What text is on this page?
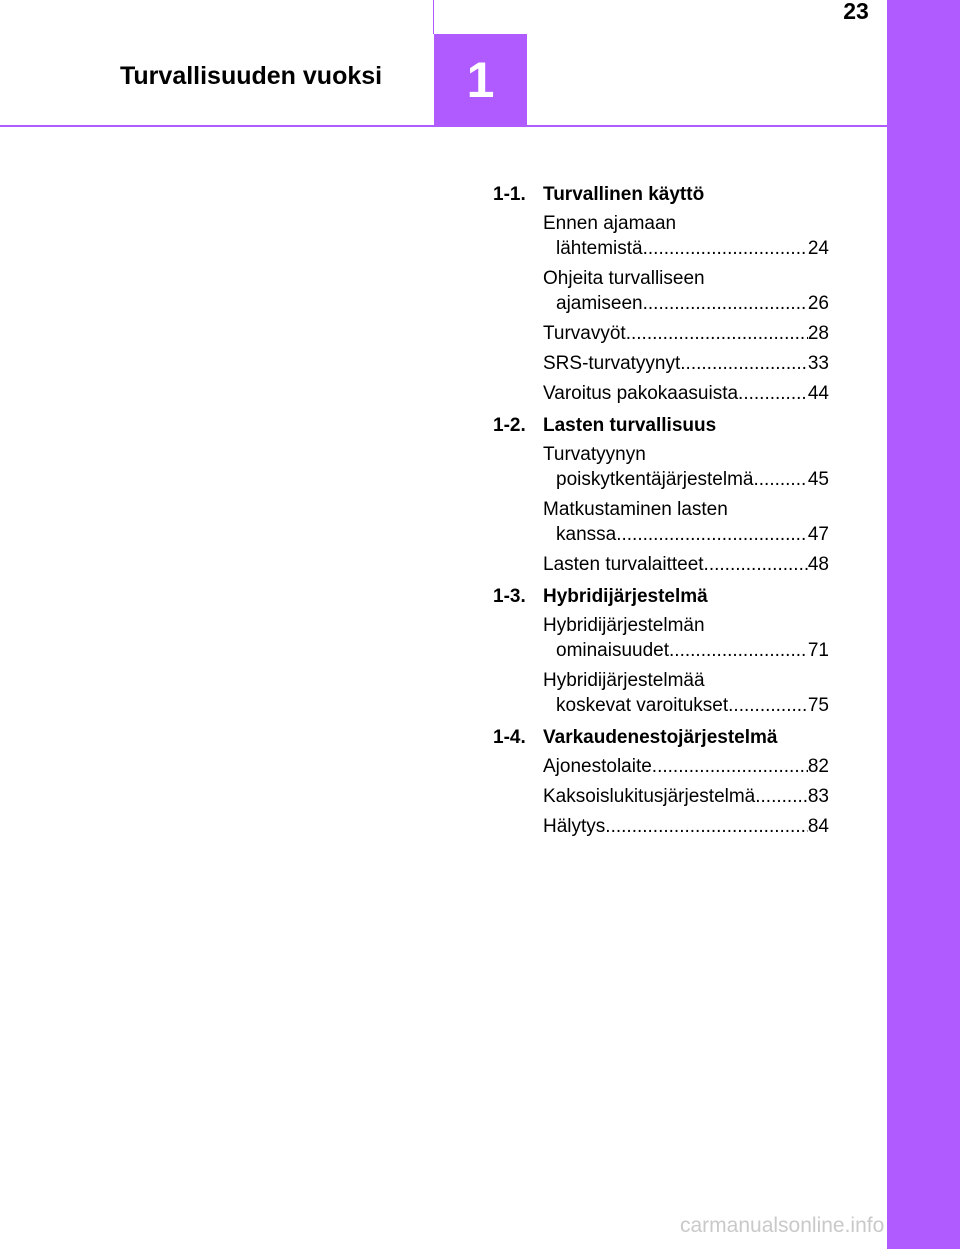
23
Turvallisuuden vuoksi	1
1-1. Turvallinen käyttö
Ennen ajamaan
lähtemistä .....	24
Ohjeita turvalliseen
ajamiseen .....	26
Turvavyöt .....	28
SRS-turvatyynyt .....	33
Varoitus pakokaasuista .....	44
1-2. Lasten turvallisuus
Turvatyynyn
poiskytkentäjärjestelmä .....	45
Matkustaminen lasten
kanssa .....	47
Lasten turvalaitteet .....	48
1-3. Hybridijärjestelmä
Hybridijärjestelmän
ominaisuudet .....	71
Hybridijärjestelmää
koskevat varoitukset .....	75
1-4. Varkaudenestojärjestelmä
Ajonestolaite .....	82
Kaksoislukitusjärjestelmä .....	83
Hälytys .....	84
carmanualsonline.info
